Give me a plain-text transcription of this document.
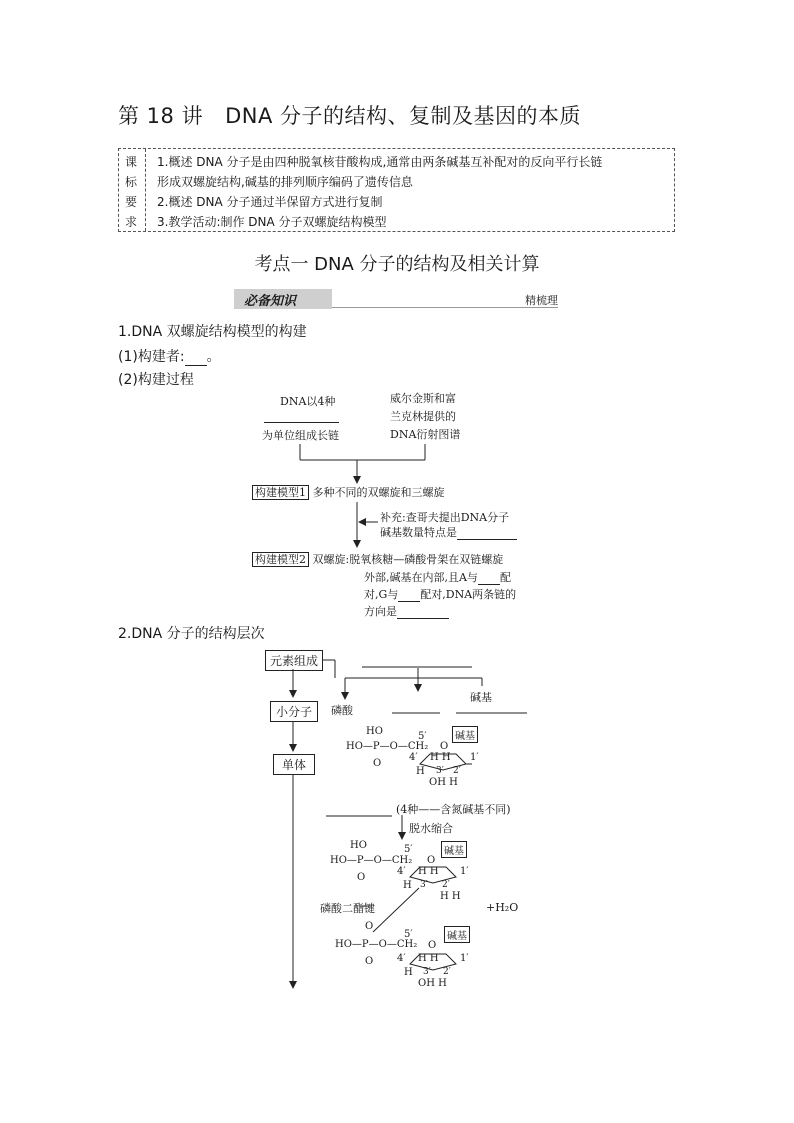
第 18 讲 DNA 分子的结构、复制及基因的本质
课
标
要
求
1.概述 DNA 分子是由四种脱氧核苷酸构成,通常由两条碱基互补配对的反向平行长链
形成双螺旋结构,碱基的排列顺序编码了遗传信息
2.概述 DNA 分子通过半保留方式进行复制
3.教学活动:制作 DNA 分子双螺旋结构模型
考点一 DNA 分子的结构及相关计算
必备知识	精梳理
1.DNA 双螺旋结构模型的构建
(1)构建者: 。
(2)构建过程
DNA以4种
为单位组成长链
威尔金斯和富
兰克林提供的
DNA衍射图谱
构建模型1 多种不同的双螺旋和三螺旋
补充:查哥夫提出DNA分子
碱基数量特点是
构建模型2 双螺旋:脱氧核糖—磷酸骨架在双链螺旋
外部,碱基在内部,且A与 配
对,G与 配对,DNA两条链的
方向是
2.DNA 分子的结构层次
元素组成
小分子
单体
磷酸
碱基
HO
HO—P—O—CH₂
O
5′
O
碱基
4′ H H 1′
H 3′ 2′
OH H
(4种——含氮碱基不同)
脱水缩合
HO
HO—P—O—CH₂
O
5′
O
碱基
4′ H H 1′
H 3′ 2′
H H
磷酸二酯键	+H₂O
O
HO—P—O—CH₂
O
5′
O
碱基
4′ H H 1′
H 3′ 2′
OH H
